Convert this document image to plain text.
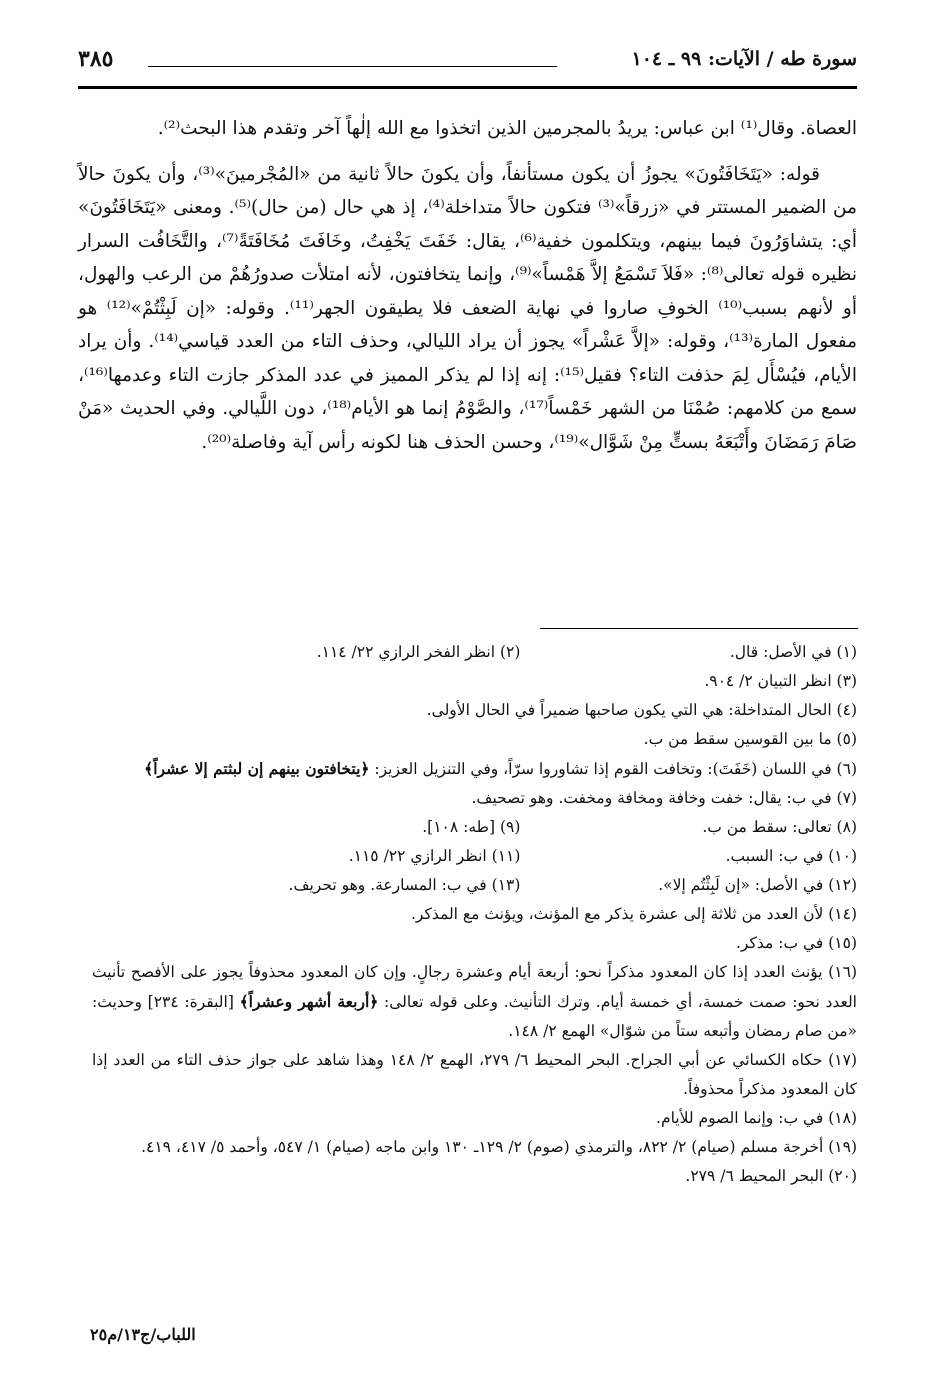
سورة طه / الآيات: ٩٩ ـ ١٠٤
٣٨٥

العصاة. وقال⁽¹⁾ ابن عباس: يريدُ بالمجرمين الذين اتخذوا مع الله إلٰهاً آخر وتقدم هذا البحث⁽²⁾.

قوله: «يَتَخَافَتُونَ» يجوزُ أن يكون مستأنفاً، وأن يكونَ حالاً ثانية من «المُجْرمينَ»⁽³⁾، وأن يكونَ حالاً من الضمير المستتر في «زرقاً»⁽³⁾ فتكون حالاً متداخلة⁽⁴⁾، إذ هي حال (من حال)⁽⁵⁾. ومعنى «يَتَخَافَتُونَ» أي: يتشاوَرُونَ فيما بينهم، ويتكلمون خفية⁽⁶⁾، يقال: خَفَتَ يَخْفِتُ، وخَافَتَ مُخَافَتَةً⁽⁷⁾، والتَّخَافُت السرار نظيره قوله تعالى⁽⁸⁾: «فَلاَ تَسْمَعُ إلاَّ هَمْساً»⁽⁹⁾، وإنما يتخافتون، لأنه امتلأت صدورُهُمْ من الرعب والهول، أو لأنهم بسبب⁽¹⁰⁾ الخوفِ صاروا في نهاية الضعف فلا يطيقون الجهر⁽¹¹⁾. وقوله: «إن لَبِثْتُمْ»⁽¹²⁾ هو مفعول المارة⁽¹³⁾، وقوله: «إلاَّ عَشْراً» يجوز أن يراد الليالي، وحذف التاء من العدد قياسي⁽¹⁴⁾. وأن يراد الأيام، فيُسْأَل لِمَ حذفت التاء؟ فقيل⁽¹⁵⁾: إنه إذا لم يذكر المميز في عدد المذكر جازت التاء وعدمها⁽¹⁶⁾، سمع من كلامهم: صُمْنَا من الشهر خَمْساً⁽¹⁷⁾، والصَّوْمُ إنما هو الأيام⁽¹⁸⁾، دون اللَّيالي. وفي الحديث «مَنْ صَامَ رَمَضَانَ وأَتْبَعَهُ بستٍّ مِنْ شَوَّال»⁽¹⁹⁾، وحسن الحذف هنا لكونه رأس آية وفاصلة⁽²⁰⁾.

(١) في الأصل: قال.
(٢) انظر الفخر الرازي ٢٢/ ١١٤.
(٣) انظر التبيان ٢/ ٩٠٤.
(٤) الحال المتداخلة: هي التي يكون صاحبها ضميراً في الحال الأولى.
(٥) ما بين القوسين سقط من ب.
(٦) في اللسان (خَفَتَ): وتخافت القوم إذا تشاوروا سرّاً، وفي التنزيل العزيز: ﴿يتخافتون بينهم إن لبثتم إلا عشراً﴾
(٧) في ب: يقال: خفت وخافة ومخافة ومخفت. وهو تصحيف.
(٨) تعالى: سقط من ب.
(٩) [طه: ١٠٨].
(١٠) في ب: السبب.
(١١) انظر الرازي ٢٢/ ١١٥.
(١٢) في الأصل: «إن لَبِثْتُم إلا».
(١٣) في ب: المسارعة. وهو تحريف.
(١٤) لأن العدد من ثلاثة إلى عشرة يذكر مع المؤنث، ويؤنث مع المذكر.
(١٥) في ب: مذكر.
(١٦) يؤنث العدد إذا كان المعدود مذكراً نحو: أربعة أيام وعشرة رجالٍ. وإن كان المعدود محذوفاً يجوز على الأفصح تأنيث العدد نحو: صمت خمسة، أي خمسة أيام. وترك التأنيث. وعلى قوله تعالى: ﴿أربعة أشهر وعشراً﴾ [البقرة: ٢٣٤] وحديث: «من صام رمضان وأتبعه ستاً من شوّال» الهمع ٢/ ١٤٨.
(١٧) حكاه الكسائي عن أبي الجراح. البحر المحيط ٦/ ٢٧٩، الهمع ٢/ ١٤٨ وهذا شاهد على جواز حذف التاء من العدد إذا كان المعدود مذكراً محذوفاً.
(١٨) في ب: وإنما الصوم للأيام.
(١٩) أخرجة مسلم (صيام) ٢/ ٨٢٢، والترمذي (صوم) ٢/ ١٢٩ـ ١٣٠ وابن ماجه (صيام) ١/ ٥٤٧، وأحمد ٥/ ٤١٧، ٤١٩.
(٢٠) البحر المحيط ٦/ ٢٧٩.
اللباب/ج١٣/م٢٥
